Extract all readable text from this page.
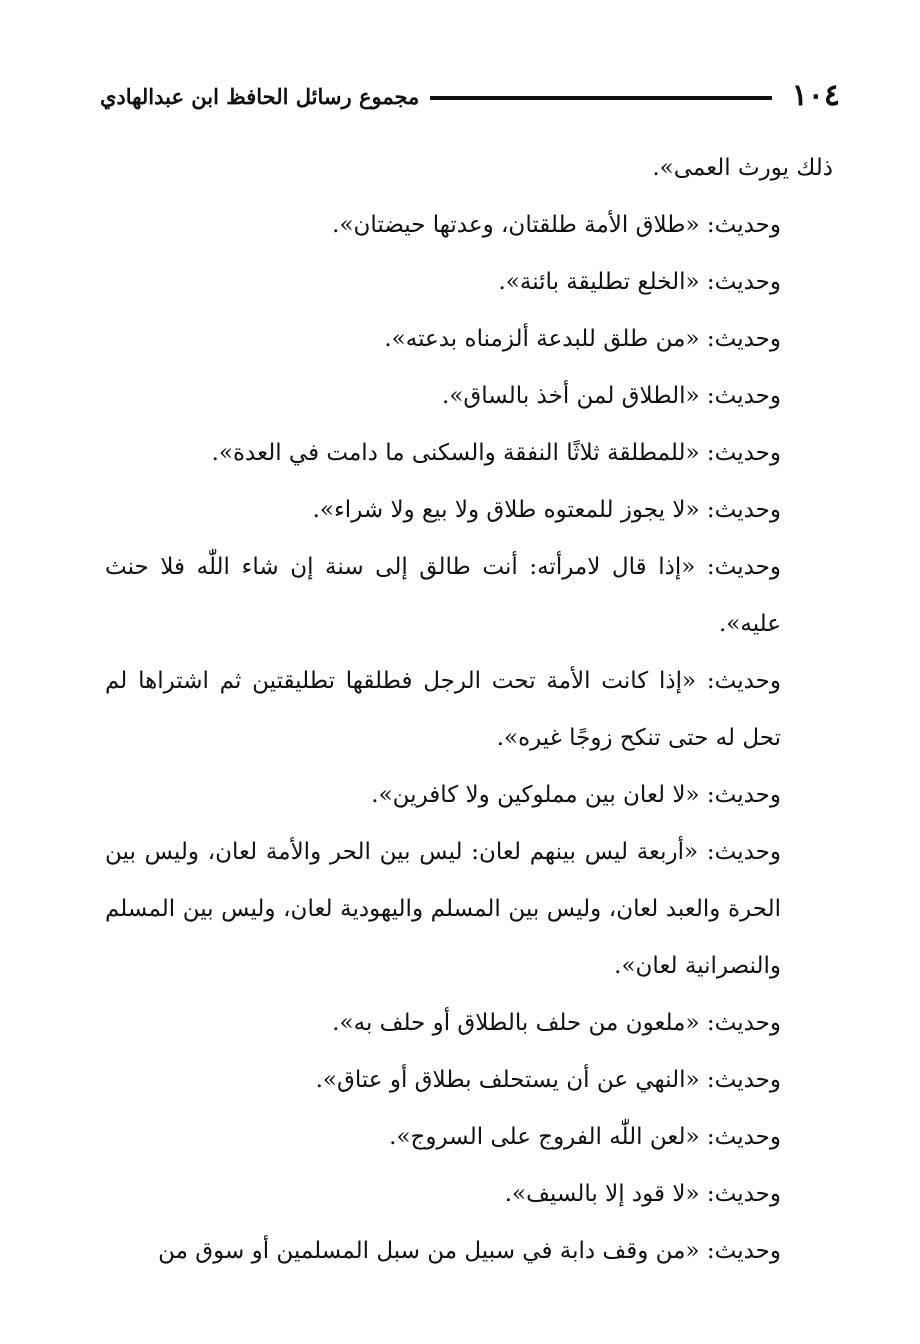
١٠٤
مجموع رسائل الحافظ ابن عبدالهادي

ذلك يورث العمى».

وحديث: «طلاق الأمة طلقتان، وعدتها حيضتان».

وحديث: «الخلع تطليقة بائنة».

وحديث: «من طلق للبدعة ألزمناه بدعته».

وحديث: «الطلاق لمن أخذ بالساق».

وحديث: «للمطلقة ثلاثًا النفقة والسكنى ما دامت في العدة».

وحديث: «لا يجوز للمعتوه طلاق ولا بيع ولا شراء».

وحديث: «إذا قال لامرأته: أنت طالق إلى سنة إن شاء اللّٰه فلا حنث عليه».

وحديث: «إذا كانت الأمة تحت الرجل فطلقها تطليقتين ثم اشتراها لم تحل له حتى تنكح زوجًا غيره».

وحديث: «لا لعان بين مملوكين ولا كافرين».

وحديث: «أربعة ليس بينهم لعان: ليس بين الحر والأمة لعان، وليس بين الحرة والعبد لعان، وليس بين المسلم واليهودية لعان، وليس بين المسلم والنصرانية لعان».

وحديث: «ملعون من حلف بالطلاق أو حلف به».

وحديث: «النهي عن أن يستحلف بطلاق أو عتاق».

وحديث: «لعن اللّٰه الفروج على السروج».

وحديث: «لا قود إلا بالسيف».

وحديث: «من وقف دابة في سبيل من سبل المسلمين أو سوق من
